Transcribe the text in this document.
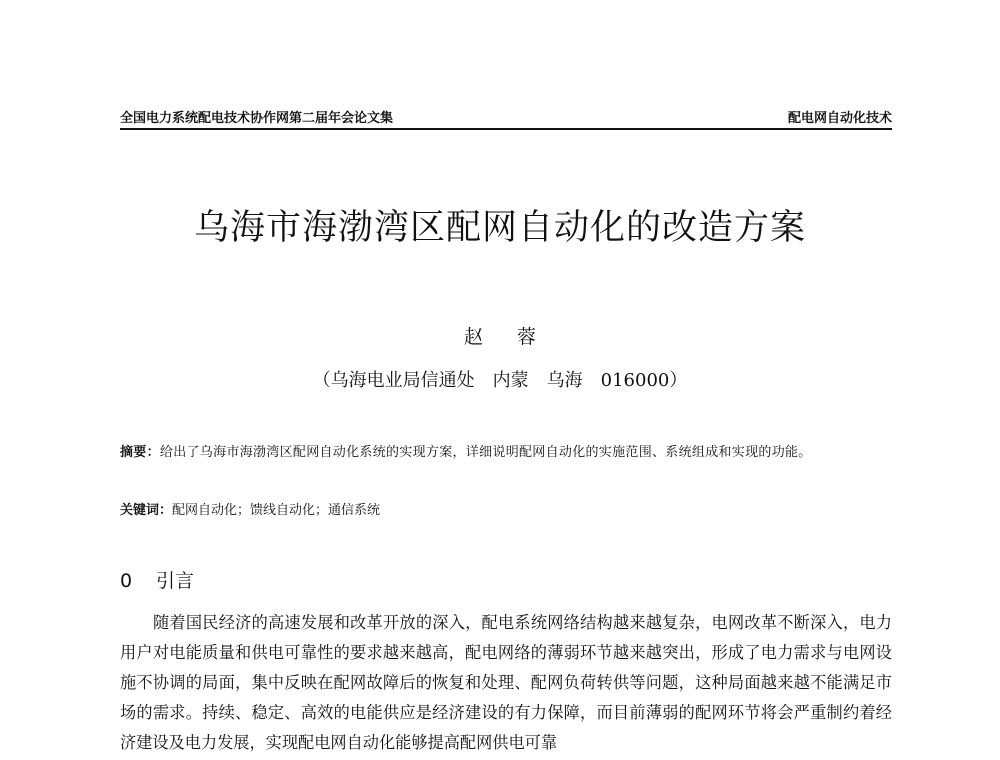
全国电力系统配电技术协作网第二届年会论文集	配电网自动化技术
乌海市海渤湾区配网自动化的改造方案
赵 蓉
（乌海电业局信通处　内蒙　乌海　016000）
摘要：给出了乌海市海渤湾区配网自动化系统的实现方案，详细说明配网自动化的实施范围、系统组成和实现的功能。
关键词：配网自动化；馈线自动化；通信系统
0 引言
随着国民经济的高速发展和改革开放的深入，配电系统网络结构越来越复杂，电网改革不断深入，电力用户对电能质量和供电可靠性的要求越来越高，配电网络的薄弱环节越来越突出，形成了电力需求与电网设施不协调的局面，集中反映在配网故障后的恢复和处理、配网负荷转供等问题，这种局面越来越不能满足市场的需求。持续、稳定、高效的电能供应是经济建设的有力保障，而目前薄弱的配网环节将会严重制约着经济建设及电力发展，实现配电网自动化能够提高配网供电可靠
